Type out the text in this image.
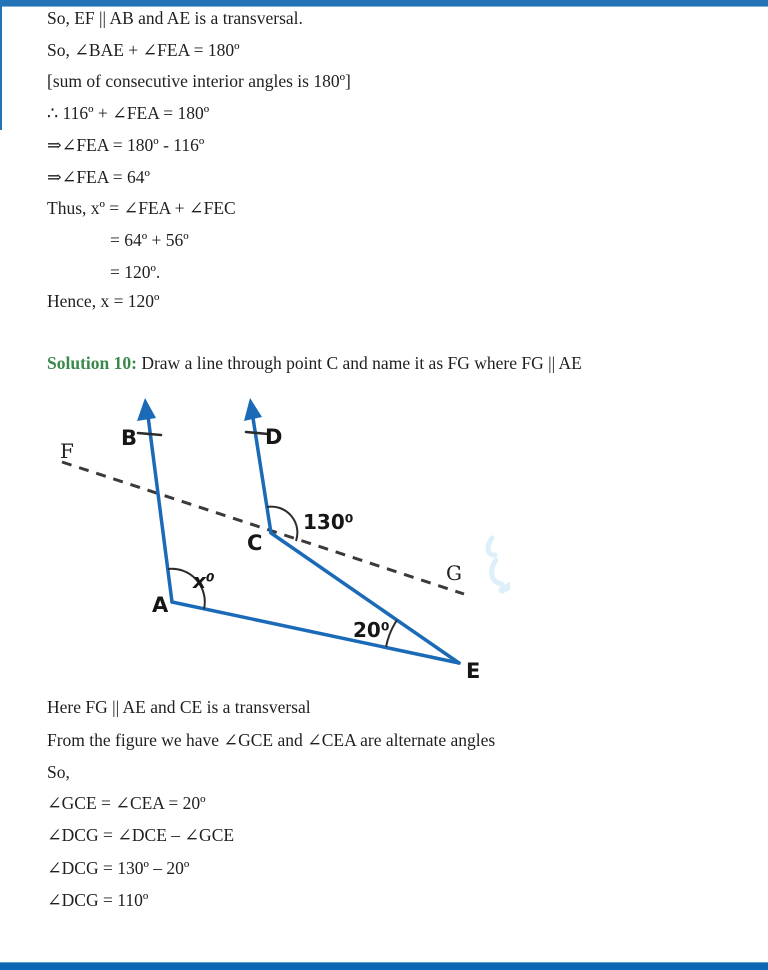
So, EF || AB and AE is a transversal.

So, ∠BAE + ∠FEA = 180º

[sum of consecutive interior angles is 180º]

∴ 116º + ∠FEA = 180º

⇒∠FEA = 180º - 116º

⇒∠FEA = 64º

Thus, xº = ∠FEA + ∠FEC

= 64º + 56º

= 120º.

Hence, x = 120º

Solution 10: Draw a line through point C and name it as FG where FG || AE

F
B	D
C
A
E
G
130⁰
x⁰
20⁰

Here FG || AE and CE is a transversal

From the figure we have ∠GCE and ∠CEA are alternate angles

So,

∠GCE = ∠CEA = 20º

∠DCG = ∠DCE – ∠GCE

∠DCG = 130º – 20º

∠DCG = 110º
